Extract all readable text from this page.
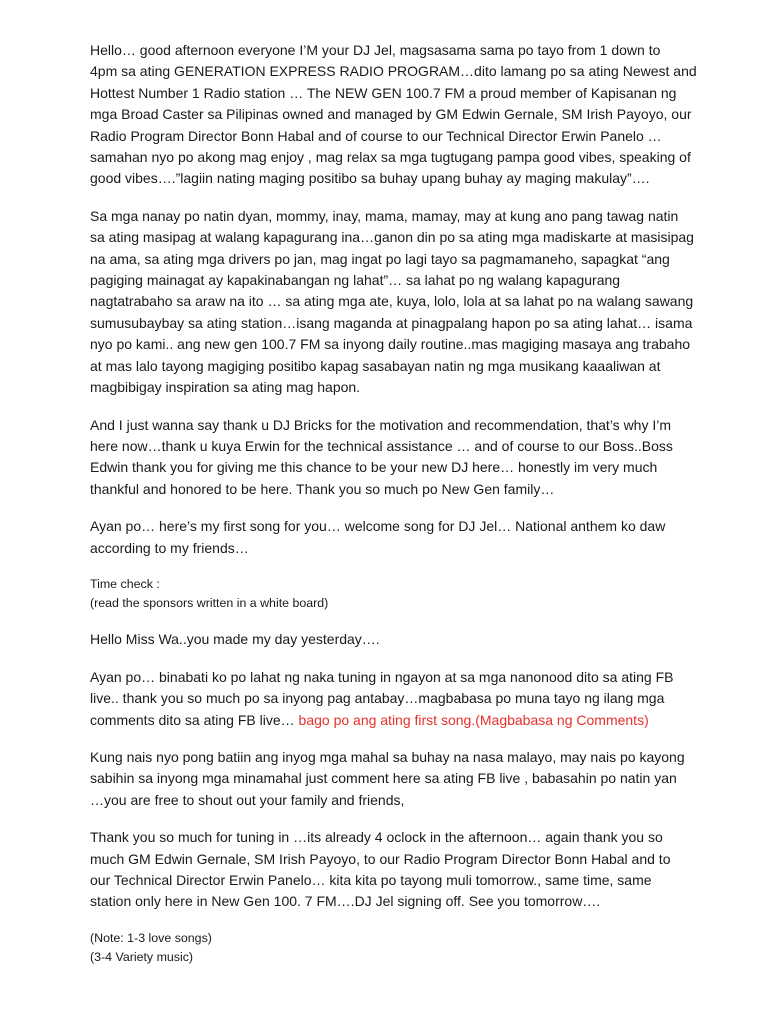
Hello… good afternoon everyone I’M your DJ Jel, magsasama sama po tayo from 1 down to
4pm sa ating GENERATION EXPRESS RADIO PROGRAM…dito lamang po sa ating Newest and
Hottest Number 1 Radio station … The NEW GEN 100.7 FM a proud member of Kapisanan ng
mga Broad Caster sa Pilipinas owned and managed by GM Edwin Gernale, SM Irish Payoyo, our
Radio Program Director Bonn Habal and of course to our Technical Director Erwin Panelo …
samahan nyo po akong mag enjoy , mag relax sa mga tugtugang pampa good vibes, speaking of
good vibes….”lagiin nating maging positibo sa buhay upang buhay ay maging makulay”….

Sa mga nanay po natin dyan, mommy, inay, mama, mamay, may at kung ano pang tawag natin
sa ating masipag at walang kapagurang ina…ganon din po sa ating mga madiskarte at masisipag
na ama, sa ating mga drivers po jan, mag ingat po lagi tayo sa pagmamaneho, sapagkat “ang
pagiging mainagat ay kapakinabangan ng lahat”… sa lahat po ng walang kapagurang
nagtatrabaho sa araw na ito … sa ating mga ate, kuya, lolo, lola at sa lahat po na walang sawang
sumusubaybay sa ating station…isang maganda at pinagpalang hapon po sa ating lahat… isama
nyo po kami.. ang new gen 100.7 FM sa inyong daily routine..mas magiging masaya ang trabaho
at mas lalo tayong magiging positibo kapag sasabayan natin ng mga musikang kaaaliwan at
magbibigay inspiration sa ating mag hapon.

And I just wanna say thank u DJ Bricks for the motivation and recommendation, that’s why I’m
here now…thank u kuya Erwin for the technical assistance … and of course to our Boss..Boss
Edwin thank you for giving me this chance to be your new DJ here… honestly im very much
thankful and honored to be here. Thank you so much po New Gen family…

Ayan po… here’s my first song for you… welcome song for DJ Jel… National anthem ko daw
according to my friends…

Time check :
(read the sponsors written in a white board)

Hello Miss Wa..you made my day yesterday….

Ayan po… binabati ko po lahat ng naka tuning in ngayon at sa mga nanonood dito sa ating FB
live.. thank you so much po sa inyong pag antabay…magbabasa po muna tayo ng ilang mga
comments dito sa ating FB live… bago po ang ating first song.(Magbabasa ng Comments)

Kung nais nyo pong batiin ang inyog mga mahal sa buhay na nasa malayo, may nais po kayong
sabihin sa inyong mga minamahal just comment here sa ating FB live , babasahin po natin yan
…you are free to shout out your family and friends,

Thank you so much for tuning in …its already 4 oclock in the afternoon… again thank you so
much GM Edwin Gernale, SM Irish Payoyo, to our Radio Program Director Bonn Habal and to
our Technical Director Erwin Panelo… kita kita po tayong muli tomorrow., same time, same
station only here in New Gen 100. 7 FM….DJ Jel signing off. See you tomorrow….

(Note: 1-3 love songs)
(3-4 Variety music)
